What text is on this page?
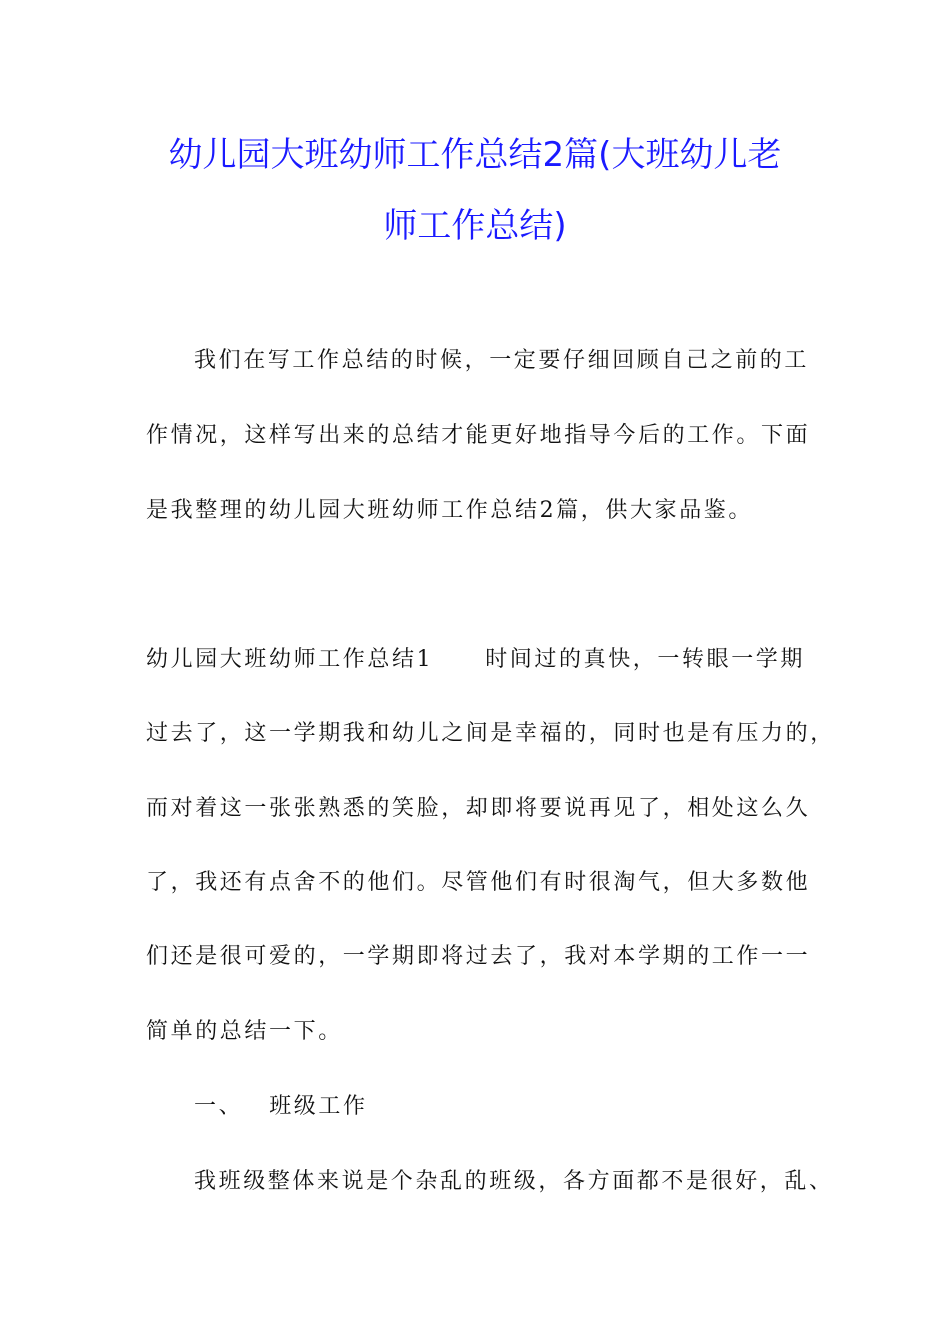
幼儿园大班幼师工作总结2篇(大班幼儿老
师工作总结)
我们在写工作总结的时候，一定要仔细回顾自己之前的工
作情况，这样写出来的总结才能更好地指导今后的工作。下面
是我整理的幼儿园大班幼师工作总结2篇，供大家品鉴。
幼儿园大班幼师工作总结1 时间过的真快，一转眼一学期
过去了，这一学期我和幼儿之间是幸福的，同时也是有压力的，
而对着这一张张熟悉的笑脸，却即将要说再见了，相处这么久
了，我还有点舍不的他们。尽管他们有时很淘气，但大多数他
们还是很可爱的，一学期即将过去了，我对本学期的工作一一
简单的总结一下。
一、 班级工作
我班级整体来说是个杂乱的班级，各方面都不是很好，乱、
